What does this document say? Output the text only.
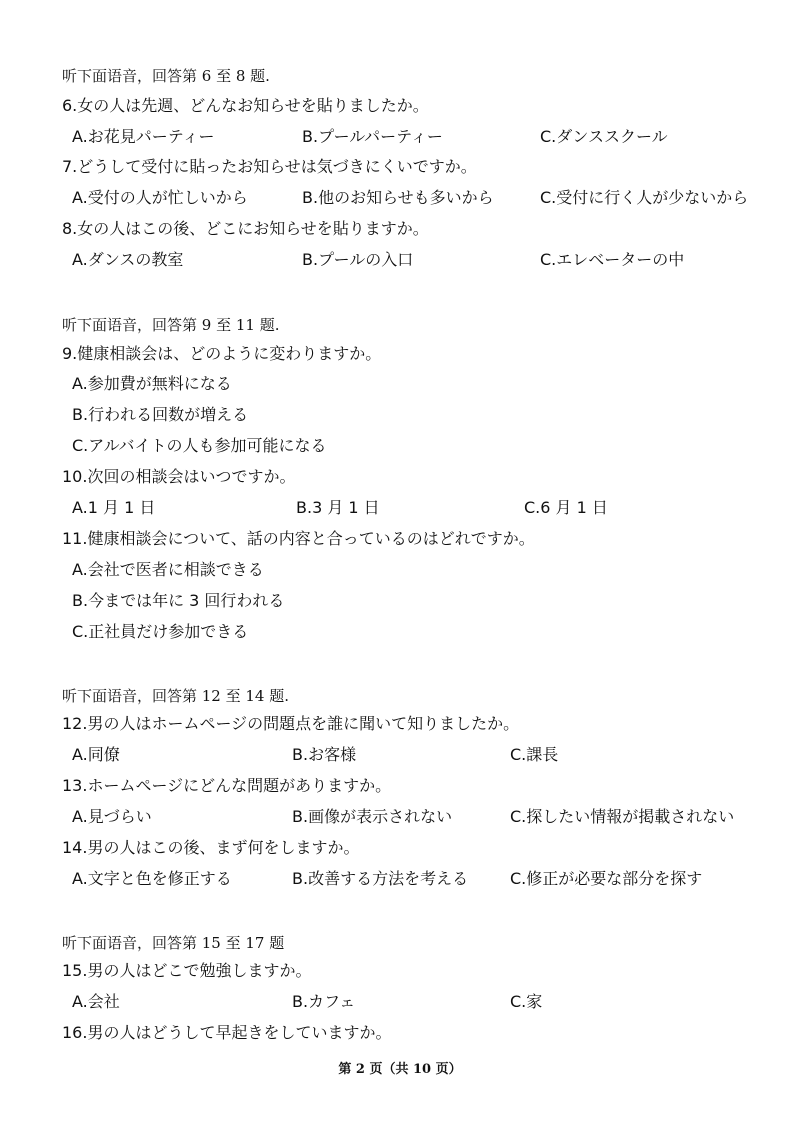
听下面语音，回答第 6 至 8 题.
6.女の人は先週、どんなお知らせを貼りましたか。
A.お花見パーティー	B.プールパーティー	C.ダンススクール
7.どうして受付に貼ったお知らせは気づきにくいですか。
A.受付の人が忙しいから	B.他のお知らせも多いから	C.受付に行く人が少ないから
8.女の人はこの後、どこにお知らせを貼りますか。
A.ダンスの教室	B.プールの入口	C.エレベーターの中
听下面语音，回答第 9 至 11 题.
9.健康相談会は、どのように変わりますか。
A.参加費が無料になる
B.行われる回数が増える
C.アルバイトの人も参加可能になる
10.次回の相談会はいつですか。
A.1 月 1 日	B.3 月 1 日	C.6 月 1 日
11.健康相談会について、話の内容と合っているのはどれですか。
A.会社で医者に相談できる
B.今までは年に 3 回行われる
C.正社員だけ参加できる
听下面语音，回答第 12 至 14 题.
12.男の人はホームページの問題点を誰に聞いて知りましたか。
A.同僚	B.お客様	C.課長
13.ホームページにどんな問題がありますか。
A.見づらい	B.画像が表示されない	C.探したい情報が掲載されない
14.男の人はこの後、まず何をしますか。
A.文字と色を修正する	B.改善する方法を考える	C.修正が必要な部分を探す
听下面语音，回答第 15 至 17 题
15.男の人はどこで勉強しますか。
A.会社	B.カフェ	C.家
16.男の人はどうして早起きをしていますか。
第 2 页（共 10 页）
